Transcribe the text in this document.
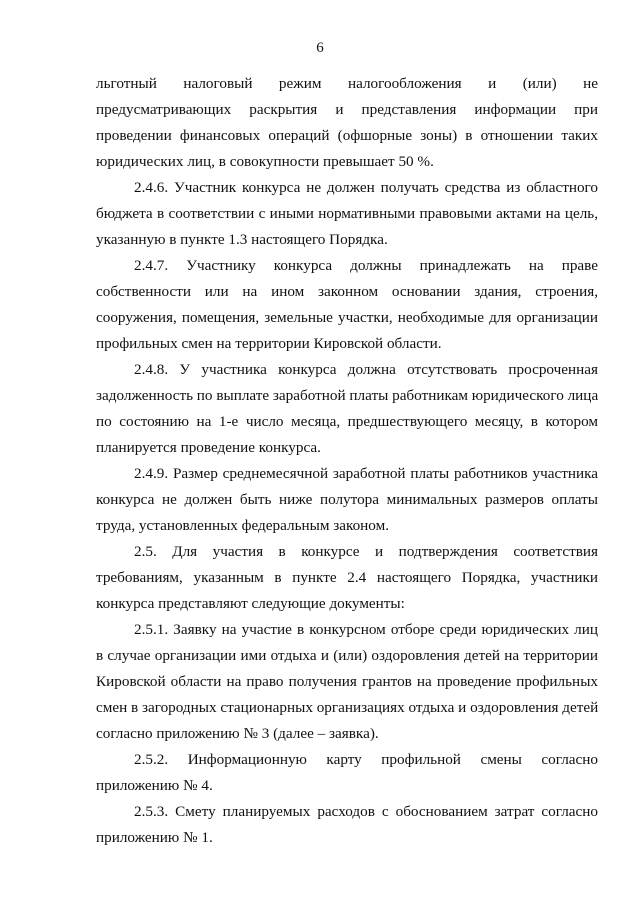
6
льготный налоговый режим налогообложения и (или) не
предусматривающих раскрытия и представления информации при
проведении финансовых операций (офшорные зоны) в отношении таких
юридических лиц, в совокупности превышает 50 %.
2.4.6. Участник конкурса не должен получать средства из областного
бюджета в соответствии с иными нормативными правовыми актами на цель,
указанную в пункте 1.3 настоящего Порядка.
2.4.7. Участнику конкурса должны принадлежать на праве
собственности или на ином законном основании здания, строения,
сооружения, помещения, земельные участки, необходимые для организации
профильных смен на территории Кировской области.
2.4.8. У участника конкурса должна отсутствовать просроченная
задолженность по выплате заработной платы работникам юридического лица
по состоянию на 1-е число месяца, предшествующего месяцу, в котором
планируется проведение конкурса.
2.4.9. Размер среднемесячной заработной платы работников участника
конкурса не должен быть ниже полутора минимальных размеров оплаты
труда, установленных федеральным законом.
2.5. Для участия в конкурсе и подтверждения соответствия
требованиям, указанным в пункте 2.4 настоящего Порядка, участники
конкурса представляют следующие документы:
2.5.1. Заявку на участие в конкурсном отборе среди юридических лиц
в случае организации ими отдыха и (или) оздоровления детей на территории
Кировской области на право получения грантов на проведение профильных
смен в загородных стационарных организациях отдыха и оздоровления детей
согласно приложению № 3 (далее – заявка).
2.5.2. Информационную карту профильной смены согласно
приложению № 4.
2.5.3. Смету планируемых расходов с обоснованием затрат согласно
приложению № 1.
